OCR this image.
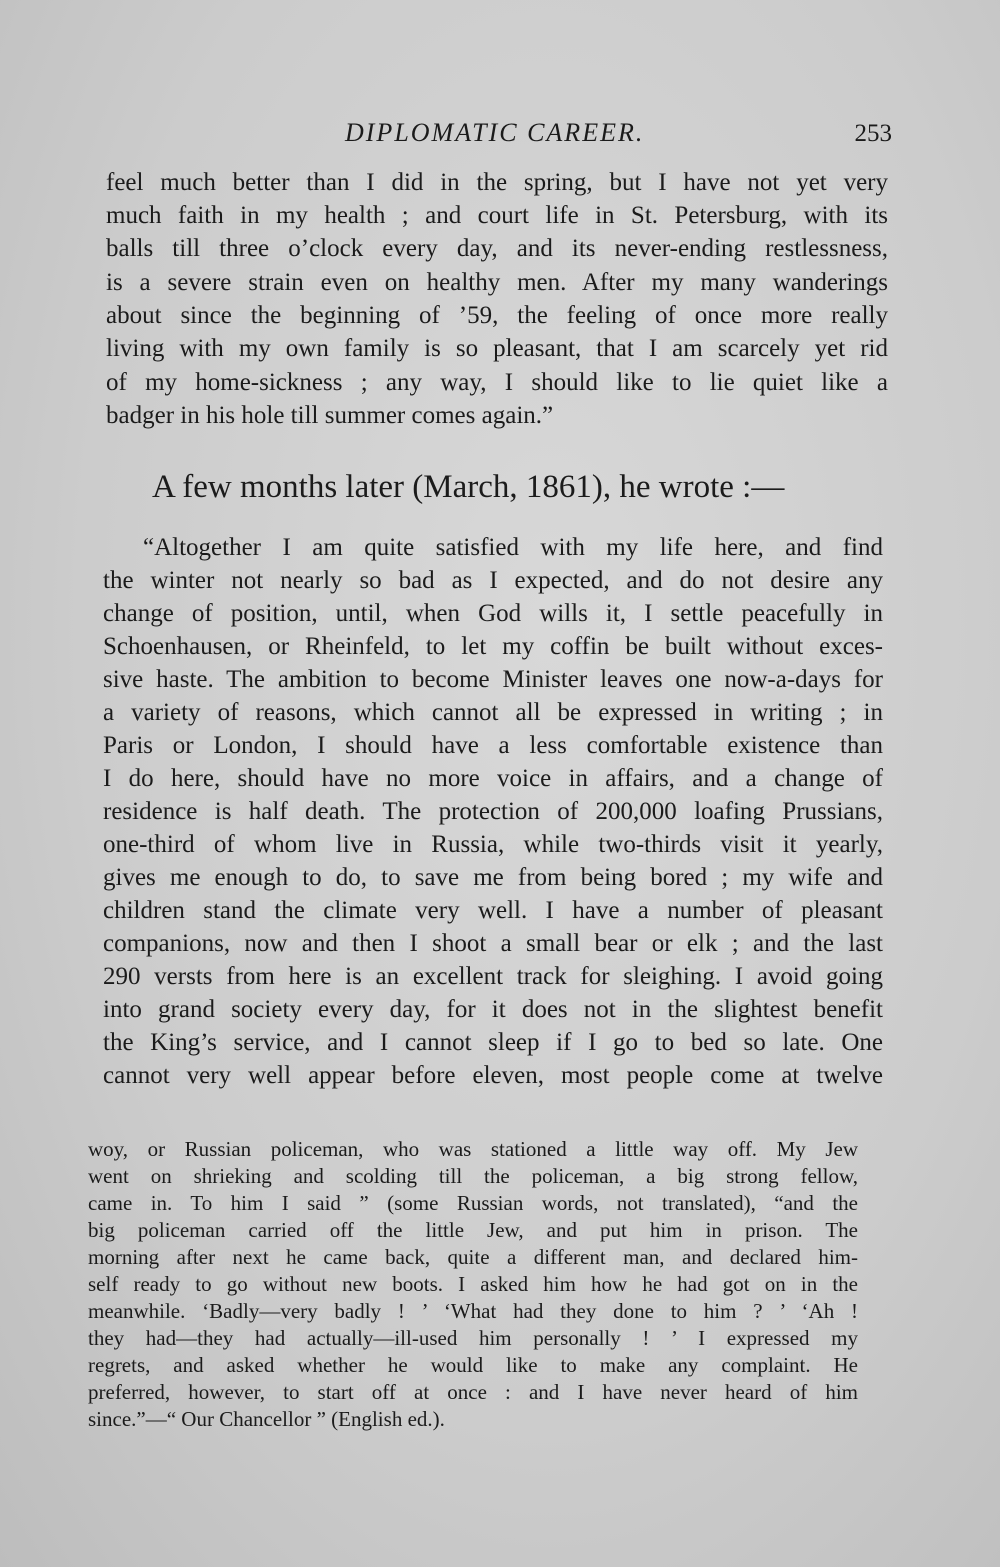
DIPLOMATIC CAREER.	253
feel much better than I did in the spring, but I have not yet very
much faith in my health ; and court life in St. Petersburg, with its
balls till three o’clock every day, and its never-ending restlessness,
is a severe strain even on healthy men. After my many wanderings
about since the beginning of ’59, the feeling of once more really
living with my own family is so pleasant, that I am scarcely yet rid
of my home-sickness ; any way, I should like to lie quiet like a
badger in his hole till summer comes again.”
A few months later (March, 1861), he wrote :—
“Altogether I am quite satisfied with my life here, and find
the winter not nearly so bad as I expected, and do not desire any
change of position, until, when God wills it, I settle peacefully in
Schoenhausen, or Rheinfeld, to let my coffin be built without exces-
sive haste. The ambition to become Minister leaves one now-a-days for
a variety of reasons, which cannot all be expressed in writing ; in
Paris or London, I should have a less comfortable existence than
I do here, should have no more voice in affairs, and a change of
residence is half death. The protection of 200,000 loafing Prussians,
one-third of whom live in Russia, while two-thirds visit it yearly,
gives me enough to do, to save me from being bored ; my wife and
children stand the climate very well. I have a number of pleasant
companions, now and then I shoot a small bear or elk ; and the last
290 versts from here is an excellent track for sleighing. I avoid going
into grand society every day, for it does not in the slightest benefit
the King’s service, and I cannot sleep if I go to bed so late. One
cannot very well appear before eleven, most people come at twelve
woy, or Russian policeman, who was stationed a little way off. My Jew
went on shrieking and scolding till the policeman, a big strong fellow,
came in. To him I said ” (some Russian words, not translated), “and the
big policeman carried off the little Jew, and put him in prison. The
morning after next he came back, quite a different man, and declared him-
self ready to go without new boots. I asked him how he had got on in the
meanwhile. ‘Badly—very badly ! ’ ‘What had they done to him ? ’ ‘Ah !
they had—they had actually—ill-used him personally ! ’ I expressed my
regrets, and asked whether he would like to make any complaint. He
preferred, however, to start off at once : and I have never heard of him
since.”—“ Our Chancellor ” (English ed.).
